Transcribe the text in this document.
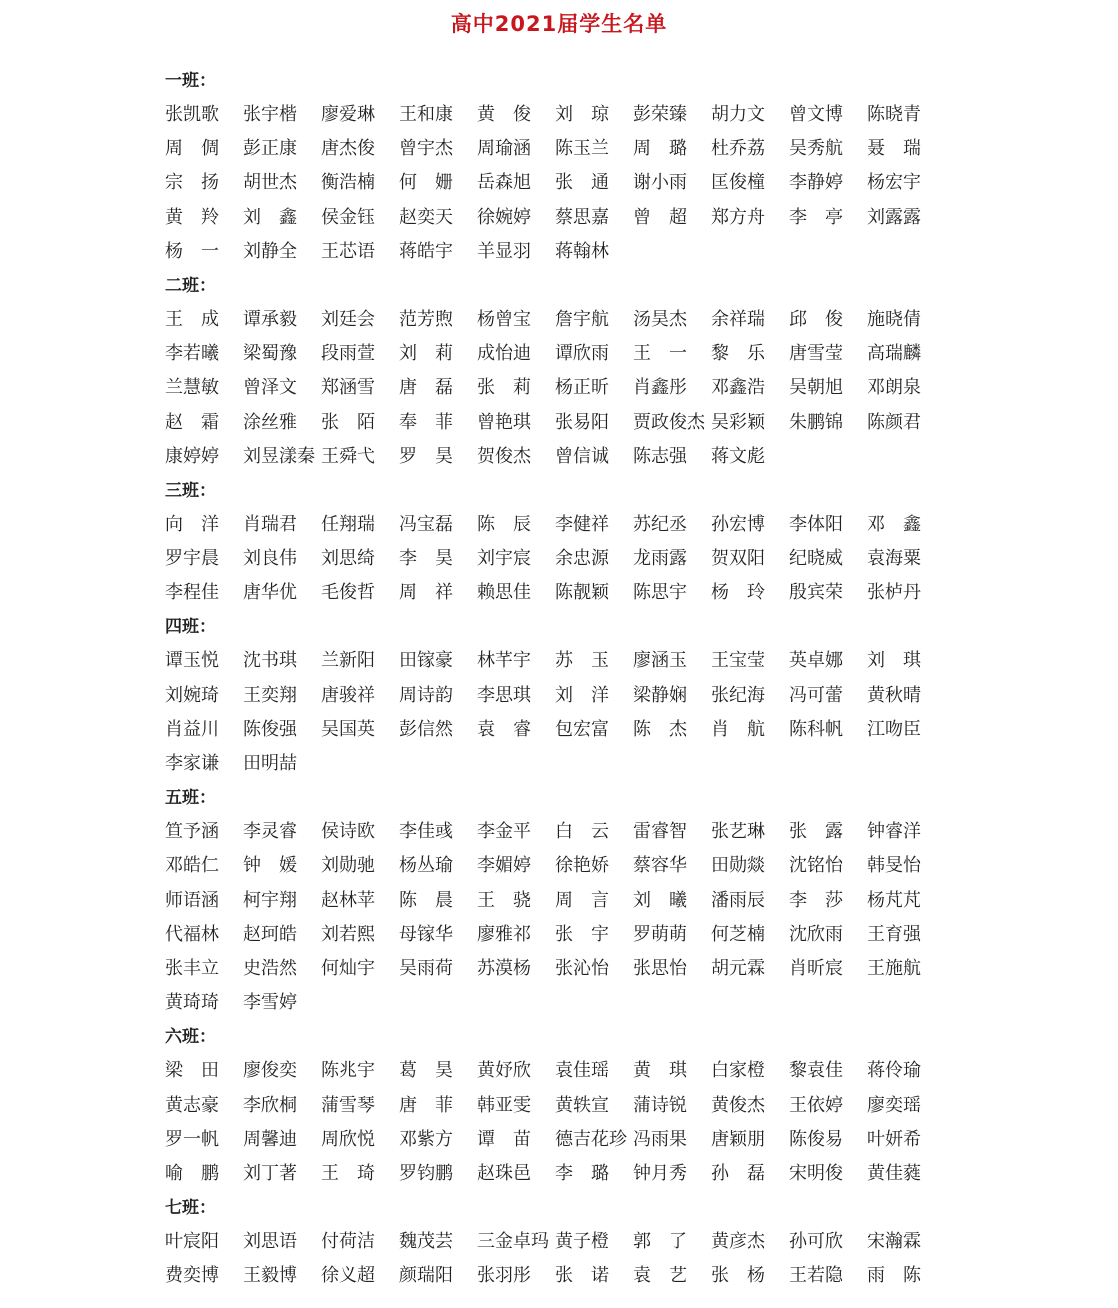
高中2021届学生名单
一班：
张凯歌	张宇楷	廖爱琳	王和康	黄　俊	刘　琼	彭荣臻	胡力文	曾文博	陈晓青
周　倜	彭正康	唐杰俊	曾宇杰	周瑜涵	陈玉兰	周　璐	杜乔荔	吴秀航	聂　瑞
宗　扬	胡世杰	衡浩楠	何　姗	岳森旭	张　通	谢小雨	匡俊橦	李静婷	杨宏宇
黄　羚	刘　鑫	侯金钰	赵奕天	徐婉婷	蔡思嘉	曾　超	郑方舟	李　亭	刘露露
杨　一	刘静全	王芯语	蒋皓宇	羊显羽	蒋翰林
二班：
王　成	谭承毅	刘廷会	范芳煦	杨曾宝	詹宇航	汤昊杰	余祥瑞	邱　俊	施晓倩
李若曦	梁蜀豫	段雨萱	刘　莉	成怡迪	谭欣雨	王　一	黎　乐	唐雪莹	高瑞麟
兰慧敏	曾泽文	郑涵雪	唐　磊	张　莉	杨正昕	肖鑫彤	邓鑫浩	吴朝旭	邓朗泉
赵　霜	涂丝雅	张　陌	奉　菲	曾艳琪	张易阳	贾政俊杰 吴彩颖	朱鹏锦	陈颜君
康婷婷	刘昱漾秦 王舜弋	罗　昊	贺俊杰	曾信诚	陈志强	蒋文彪
三班：
向　洋	肖瑞君	任翔瑞	冯宝磊	陈　辰	李健祥	苏纪丞	孙宏博	李体阳	邓　鑫
罗宇晨	刘良伟	刘思绮	李　昊	刘宇宸	余忠源	龙雨露	贺双阳	纪晓威	袁海粟
李程佳	唐华优	毛俊哲	周　祥	赖思佳	陈靓颖	陈思宇	杨　玲	殷宾荣	张栌丹
四班：
谭玉悦	沈书琪	兰新阳	田镓豪	林芊宇	苏　玉	廖涵玉	王宝莹	英卓娜	刘　琪
刘婉琦	王奕翔	唐骏祥	周诗韵	李思琪	刘　洋	梁静娴	张纪海	冯可蕾	黄秋晴
肖益川	陈俊强	吴国英	彭信然	袁　睿	包宏富	陈　杰	肖　航	陈科帆	江吻臣
李家谦	田明喆
五班：
笪予涵	李灵睿	侯诗欧	李佳彧	李金平	白　云	雷睿智	张艺琳	张　露	钟睿洋
邓皓仁	钟　媛	刘勋驰	杨丛瑜	李媚婷	徐艳娇	蔡容华	田勋燚	沈铭怡	韩旻怡
师语涵	柯宇翔	赵林苹	陈　晨	王　骁	周　言	刘　曦	潘雨辰	李　莎	杨芃芃
代福林	赵珂皓	刘若熙	母镓华	廖雅祁	张　宇	罗萌萌	何芝楠	沈欣雨	王育强
张丰立	史浩然	何灿宇	吴雨荷	苏漠杨	张沁怡	张思怡	胡元霖	肖昕宸	王施航
黄琦琦	李雪婷
六班：
梁　田	廖俊奕	陈兆宇	葛　昊	黄妤欣	袁佳瑶	黄　琪	白家橙	黎袁佳	蒋伶瑜
黄志豪	李欣桐	蒲雪琴	唐　菲	韩亚雯	黄轶宣	蒲诗锐	黄俊杰	王依婷	廖奕瑶
罗一帆	周馨迪	周欣悦	邓紫方	谭　苗	德吉花珍 冯雨果	唐颖朋	陈俊易	叶妍希
喻　鹏	刘丁著	王　琦	罗钧鹏	赵珠邑	李　璐	钟月秀	孙　磊	宋明俊	黄佳蕤
七班：
叶宸阳	刘思语	付荷洁	魏茂芸	三金卓玛 黄子橙	郭　了	黄彦杰	孙可欣	宋瀚霖
费奕博	王毅博	徐义超	颜瑞阳	张羽彤	张　诺	袁　艺	张　杨	王若隐	雨　陈
